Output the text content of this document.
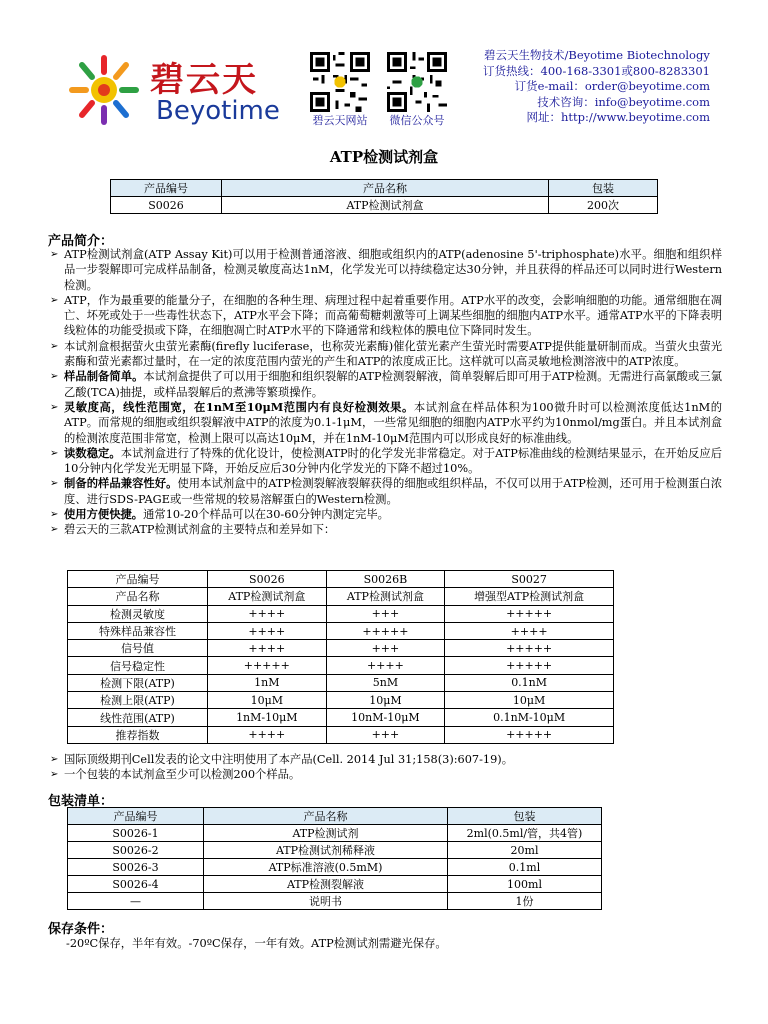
碧云天
Beyotime	碧云天网站	微信公众号
碧云天生物技术/Beyotime Biotechnology
订货热线：400-168-3301或800-8283301
订货e-mail：order@beyotime.com
技术咨询：info@beyotime.com
网址：http://www.beyotime.com
ATP检测试剂盒
产品编号	产品名称	包装
S0026	ATP检测试剂盒	200次
产品简介：
➢ ATP检测试剂盒(ATP Assay Kit)可以用于检测普通溶液、细胞或组织内的ATP(adenosine 5'-triphosphate)水平。细胞和组织样品一步裂解即可完成样品制备，检测灵敏度高达1nM，化学发光可以持续稳定达30分钟，并且获得的样品还可以同时进行Western检测。
➢ ATP，作为最重要的能量分子，在细胞的各种生理、病理过程中起着重要作用。ATP水平的改变，会影响细胞的功能。通常细胞在凋亡、坏死或处于一些毒性状态下，ATP水平会下降；而高葡萄糖刺激等可上调某些细胞的细胞内ATP水平。通常ATP水平的下降表明线粒体的功能受损或下降，在细胞凋亡时ATP水平的下降通常和线粒体的膜电位下降同时发生。
➢ 本试剂盒根据萤火虫萤光素酶(firefly luciferase，也称荧光素酶)催化萤光素产生萤光时需要ATP提供能量研制而成。当萤火虫萤光素酶和萤光素都过量时，在一定的浓度范围内萤光的产生和ATP的浓度成正比。这样就可以高灵敏地检测溶液中的ATP浓度。
➢ 样品制备简单。本试剂盒提供了可以用于细胞和组织裂解的ATP检测裂解液，简单裂解后即可用于ATP检测。无需进行高氯酸或三氯乙酸(TCA)抽提，或样品裂解后的煮沸等繁琐操作。
➢ 灵敏度高，线性范围宽，在1nM至10μM范围内有良好检测效果。本试剂盒在样品体积为100微升时可以检测浓度低达1nM的ATP。而常规的细胞或组织裂解液中ATP的浓度为0.1-1μM，一些常见细胞的细胞内ATP水平约为10nmol/mg蛋白。并且本试剂盒的检测浓度范围非常宽，检测上限可以高达10μM，并在1nM-10μM范围内可以形成良好的标准曲线。
➢ 读数稳定。本试剂盒进行了特殊的优化设计，使检测ATP时的化学发光非常稳定。对于ATP标准曲线的检测结果显示，在开始反应后10分钟内化学发光无明显下降，开始反应后30分钟内化学发光的下降不超过10%。
➢ 制备的样品兼容性好。使用本试剂盒中的ATP检测裂解液裂解获得的细胞或组织样品，不仅可以用于ATP检测，还可用于检测蛋白浓度、进行SDS-PAGE或一些常规的较易溶解蛋白的Western检测。
➢ 使用方便快捷。通常10-20个样品可以在30-60分钟内测定完毕。
➢ 碧云天的三款ATP检测试剂盒的主要特点和差异如下：
产品编号	S0026	S0026B	S0027
产品名称	ATP检测试剂盒	ATP检测试剂盒	增强型ATP检测试剂盒
检测灵敏度	++++	+++	+++++
特殊样品兼容性	++++	+++++	++++
信号值	++++	+++	+++++
信号稳定性	+++++	++++	+++++
检测下限(ATP)	1nM	5nM	0.1nM
检测上限(ATP)	10μM	10μM	10μM
线性范围(ATP)	1nM-10μM	10nM-10μM	0.1nM-10μM
推荐指数	++++	+++	+++++
➢ 国际顶级期刊Cell发表的论文中注明使用了本产品(Cell. 2014 Jul 31;158(3):607-19)。
➢ 一个包装的本试剂盒至少可以检测200个样品。
包装清单：
产品编号	产品名称	包装
S0026-1	ATP检测试剂	2ml(0.5ml/管，共4管)
S0026-2	ATP检测试剂稀释液	20ml
S0026-3	ATP标准溶液(0.5mM)	0.1ml
S0026-4	ATP检测裂解液	100ml
—	说明书	1份
保存条件：
-20ºC保存，半年有效。-70ºC保存，一年有效。ATP检测试剂需避光保存。
